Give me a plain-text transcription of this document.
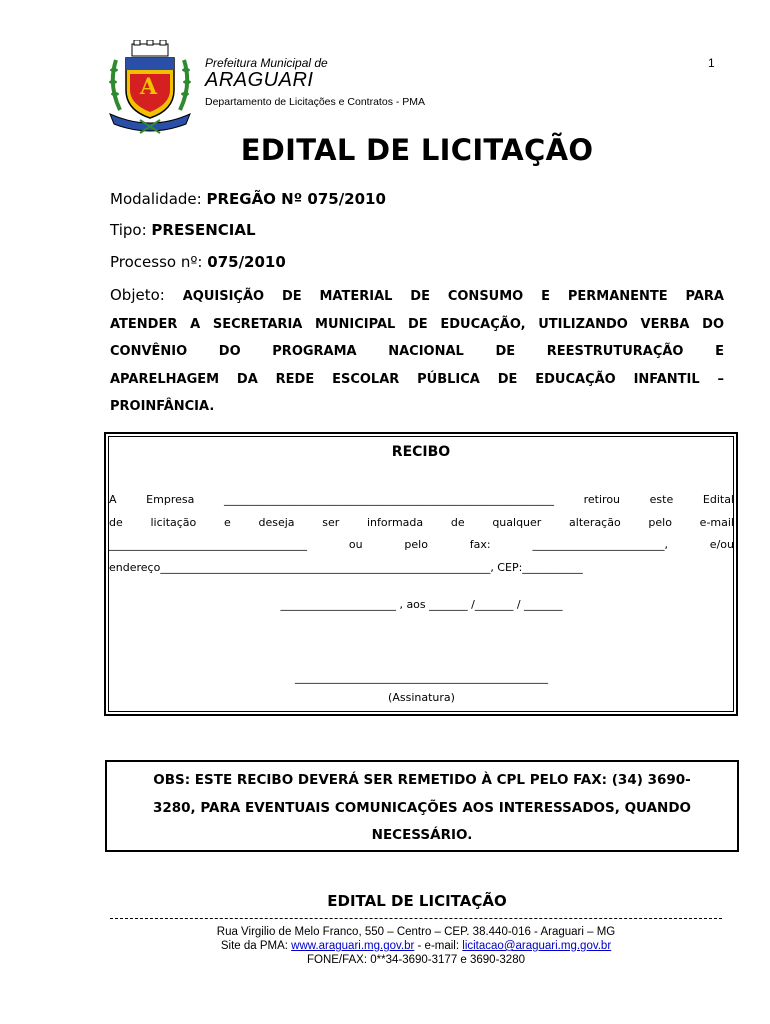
A
Prefeitura Municipal de
ARAGUARI
Departamento de Licitações e Contratos - PMA
1
EDITAL DE LICITAÇÃO
Modalidade: PREGÃO Nº 075/2010
Tipo: PRESENCIAL
Processo nº: 075/2010
Objeto: AQUISIÇÃO DE MATERIAL DE CONSUMO E PERMANENTE PARA
ATENDER A SECRETARIA MUNICIPAL DE EDUCAÇÃO, UTILIZANDO VERBA DO
CONVÊNIO DO PROGRAMA NACIONAL DE REESTRUTURAÇÃO E
APARELHAGEM DA REDE ESCOLAR PÚBLICA DE EDUCAÇÃO INFANTIL –
PROINFÂNCIA.
RECIBO
A Empresa ____________________________________________________________ retirou este Edital
de licitação e deseja ser informada de qualquer alteração pelo e-mail
____________________________________ ou pelo fax: ________________________, e/ou
endereço____________________________________________________________, CEP:___________
_____________________ , aos _______ /_______ / _______
______________________________________________
(Assinatura)
OBS: ESTE RECIBO DEVERÁ SER REMETIDO À CPL PELO FAX: (34) 3690-
3280, PARA EVENTUAIS COMUNICAÇÕES AOS INTERESSADOS, QUANDO
NECESSÁRIO.
EDITAL DE LICITAÇÃO
Rua Virgilio de Melo Franco, 550 – Centro – CEP. 38.440-016 - Araguari – MG
Site da PMA: www.araguari.mg.gov.br - e-mail: licitacao@araguari.mg.gov.br
FONE/FAX: 0**34-3690-3177 e 3690-3280
